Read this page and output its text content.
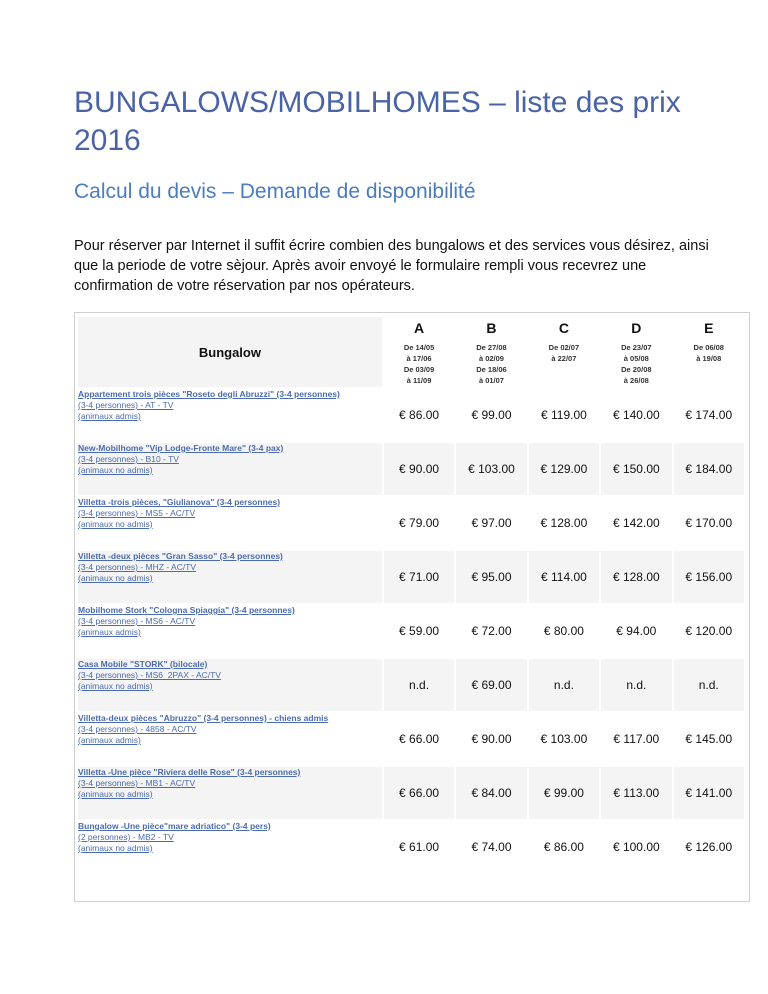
BUNGALOWS/MOBILHOMES – liste des prix 2016
Calcul du devis – Demande de disponibilité

Pour réserver par Internet il suffit écrire combien des bungalows et des services vous désirez, ainsi que la periode de votre sèjour. Après avoir envoyé le formulaire rempli vous recevrez une confirmation de votre réservation par nos opérateurs.

Bungalow	A
De 14/05
à 17/06
De 03/09
à 11/09	B
De 27/08
à 02/09
De 18/06
à 01/07	C
De 02/07
à 22/07	D
De 23/07
à 05/08
De 20/08
à 26/08	E
De 06/08
à 19/08

Appartement trois pièces "Roseto degli Abruzzi" (3-4 personnes)
(3-4 personnes) - AT - TV
(animaux admis)	€ 86.00	€ 99.00	€ 119.00	€ 140.00	€ 174.00

New-Mobilhome "Vip Lodge-Fronte Mare" (3-4 pax)
(3-4 personnes) - B10 - TV
(animaux no admis)	€ 90.00	€ 103.00	€ 129.00	€ 150.00	€ 184.00

Villetta -trois pièces, "Giulianova" (3-4 personnes)
(3-4 personnes) - MS5 - AC/TV
(animaux no admis)	€ 79.00	€ 97.00	€ 128.00	€ 142.00	€ 170.00

Villetta -deux pièces "Gran Sasso" (3-4 personnes)
(3-4 personnes) - MHZ - AC/TV
(animaux no admis)	€ 71.00	€ 95.00	€ 114.00	€ 128.00	€ 156.00

Mobilhome Stork "Cologna Spiaggia" (3-4 personnes)
(3-4 personnes) - MS6 - AC/TV
(animaux admis)	€ 59.00	€ 72.00	€ 80.00	€ 94.00	€ 120.00

Casa Mobile "STORK" (bilocale)
(3-4 personnes) - MS6_2PAX - AC/TV
(animaux no admis)	n.d.	€ 69.00	n.d.	n.d.	n.d.

Villetta-deux pièces "Abruzzo" (3-4 personnes) - chiens admis
(3-4 personnes) - 4858 - AC/TV
(animaux admis)	€ 66.00	€ 90.00	€ 103.00	€ 117.00	€ 145.00

Villetta -Une pièce "Riviera delle Rose" (3-4 personnes)
(3-4 personnes) - MB1 - AC/TV
(animaux no admis)	€ 66.00	€ 84.00	€ 99.00	€ 113.00	€ 141.00

Bungalow -Une pièce"mare adriatico" (3-4 pers)
(2 personnes) - MB2 - TV
(animaux no admis)	€ 61.00	€ 74.00	€ 86.00	€ 100.00	€ 126.00
